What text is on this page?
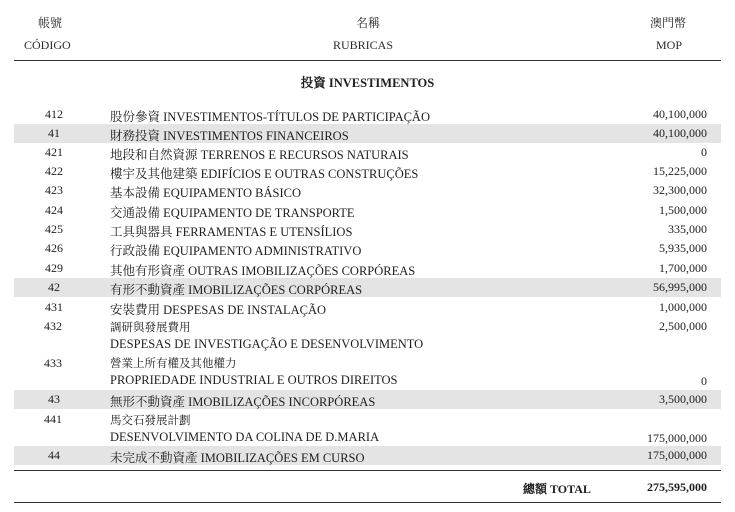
帳號
CÓDIGO
名稱
RUBRICAS
澳門幣
MOP
投資 INVESTIMENTOS
412	股份參資 INVESTIMENTOS-TÍTULOS DE PARTICIPAÇÃO	40,100,000
41	財務投資 INVESTIMENTOS FINANCEIROS	40,100,000
421	地段和自然資源 TERRENOS E RECURSOS NATURAIS	0
422	樓宇及其他建築 EDIFÍCIOS E OUTRAS CONSTRUÇÕES	15,225,000
423	基本設備 EQUIPAMENTO BÁSICO	32,300,000
424	交通設備 EQUIPAMENTO DE TRANSPORTE	1,500,000
425	工具與器具 FERRAMENTAS E UTENSÍLIOS	335,000
426	行政設備 EQUIPAMENTO ADMINISTRATIVO	5,935,000
429	其他有形資產 OUTRAS IMOBILIZAÇÕES CORPÓREAS	1,700,000
42	有形不動資產 IMOBILIZAÇÕES CORPÓREAS	56,995,000
431	安裝費用 DESPESAS DE INSTALAÇÃO	1,000,000
432	調研與發展費用	2,500,000
DESPESAS DE INVESTIGAÇÃO E DESENVOLVIMENTO
433	營業上所有權及其他權力
PROPRIEDADE INDUSTRIAL E OUTROS DIREITOS	0
43	無形不動資產 IMOBILIZAÇÕES INCORPÓREAS	3,500,000
441	馬交石發展計劃
DESENVOLVIMENTO DA COLINA DE D.MARIA	175,000,000
44	未完成不動資產 IMOBILIZAÇÕES EM CURSO	175,000,000
總額 TOTAL	275,595,000
